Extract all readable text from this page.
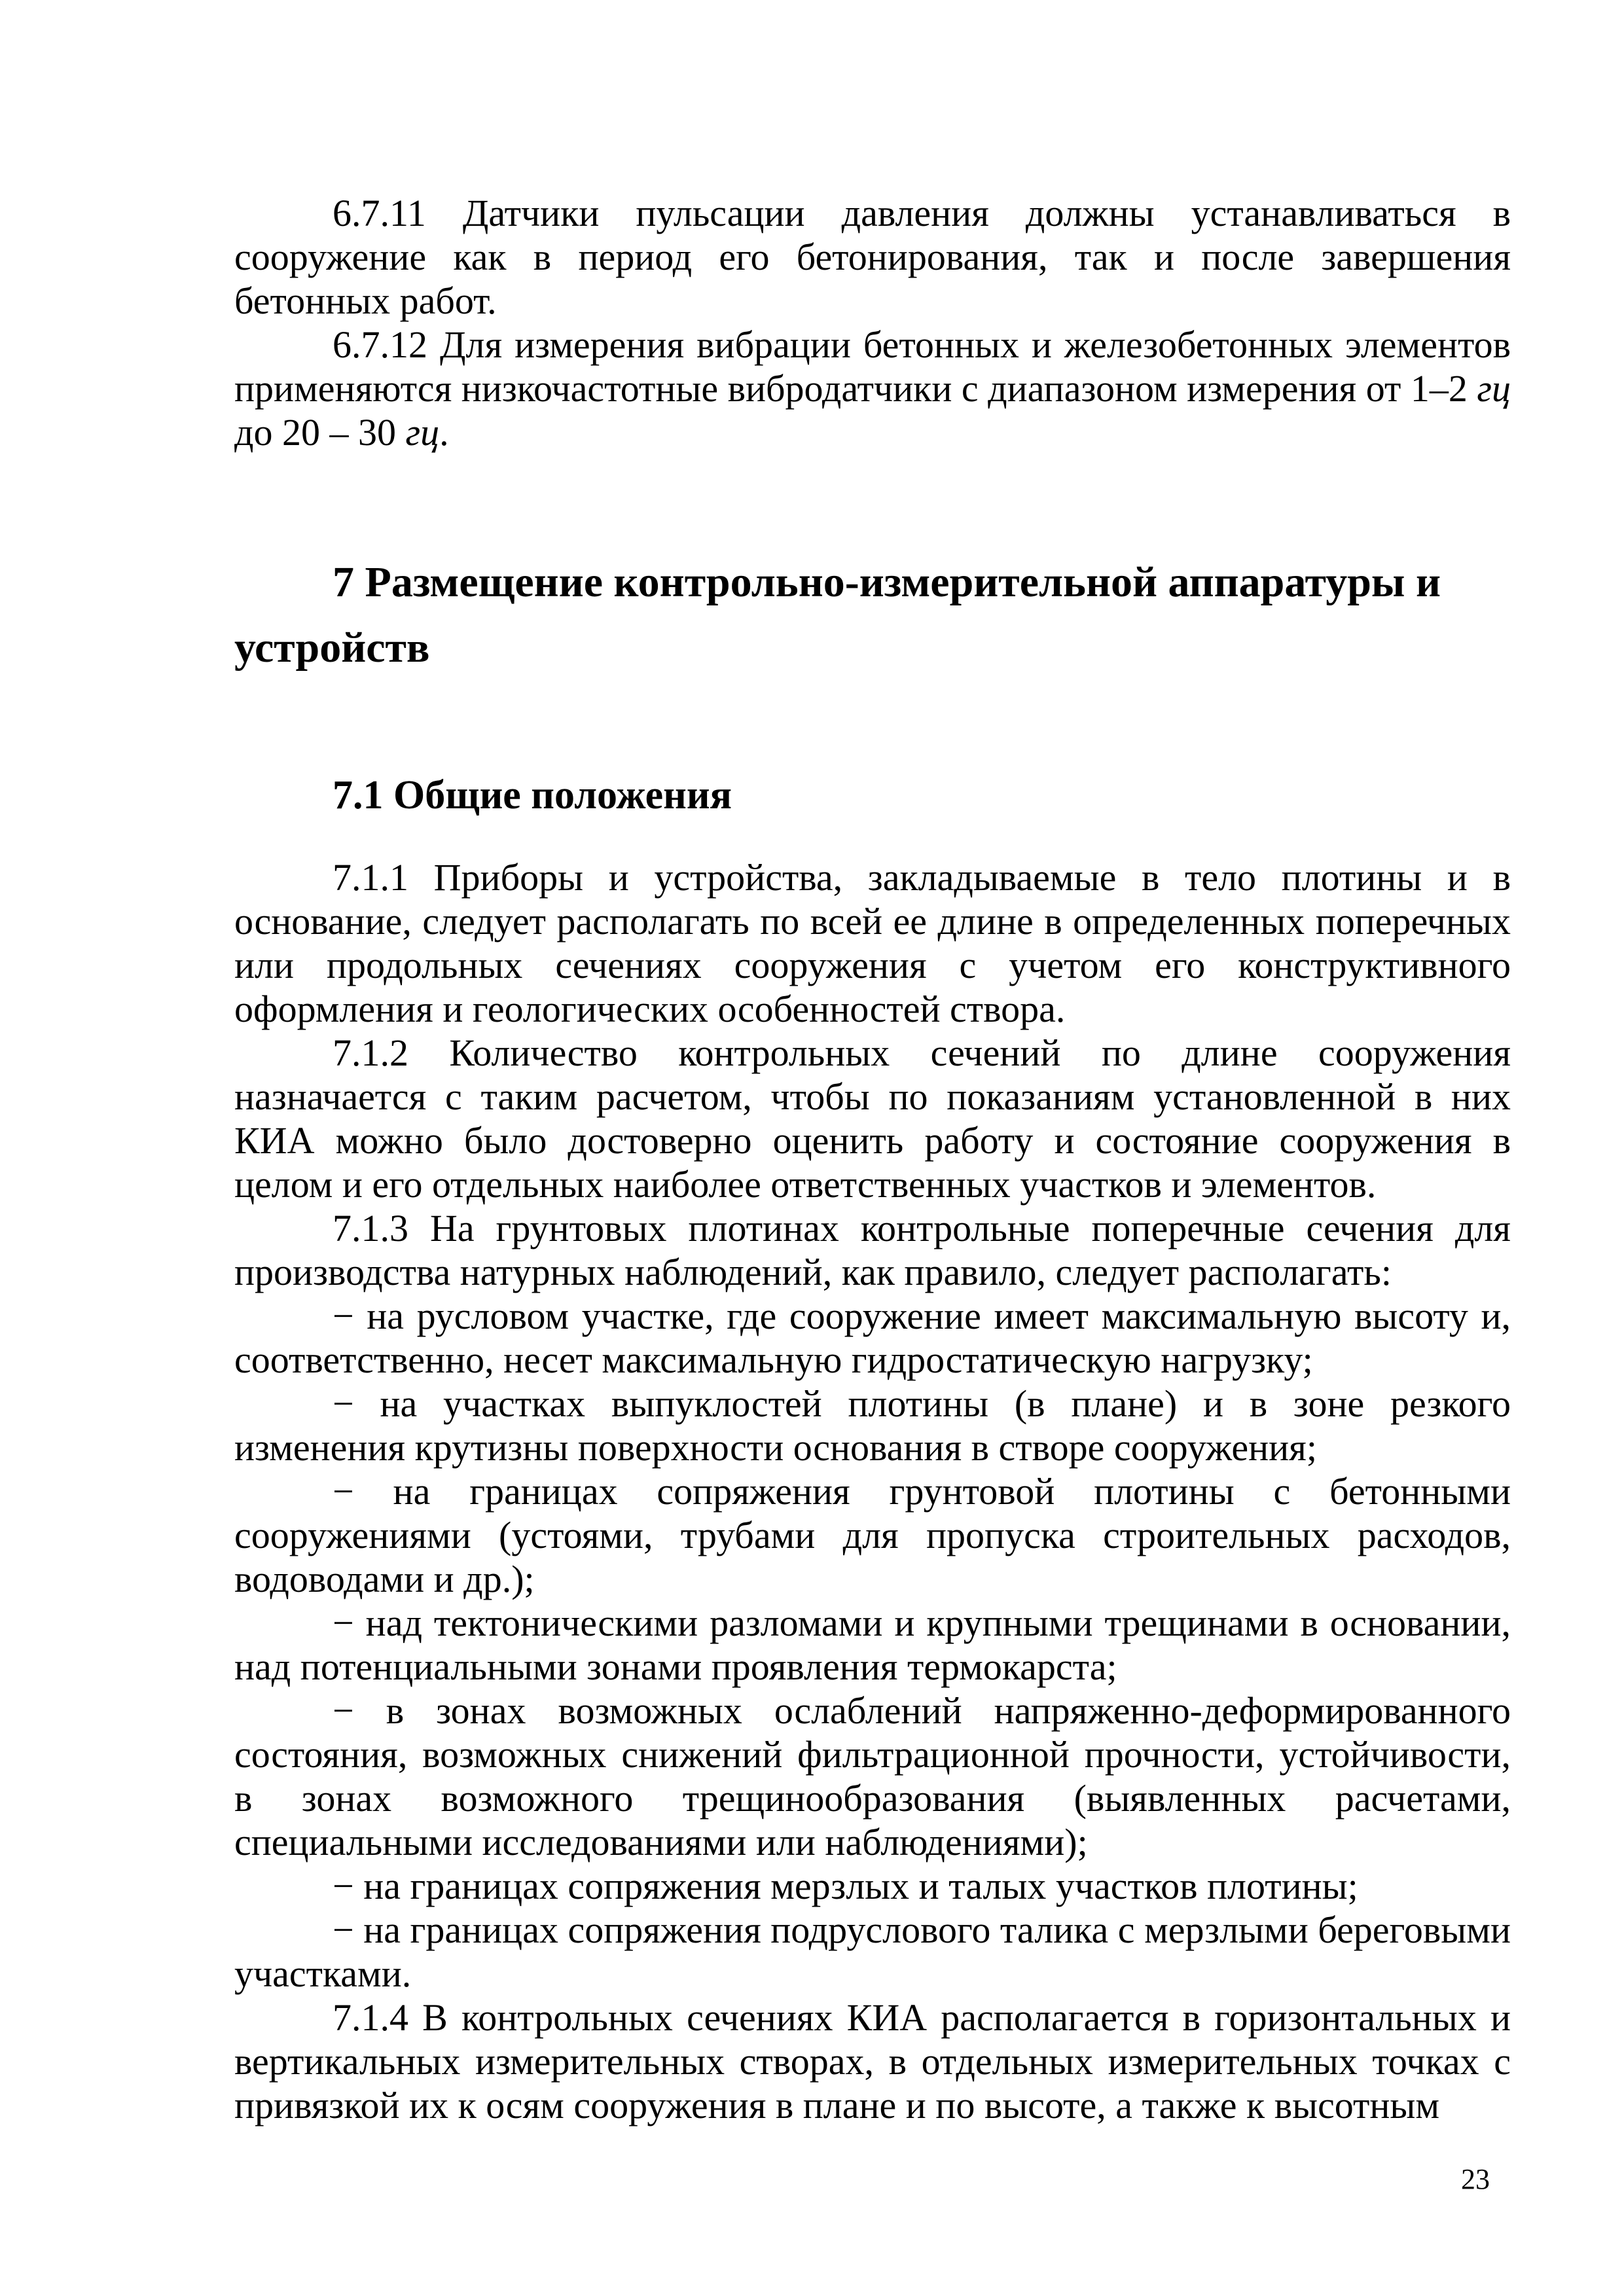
6.7.11 Датчики пульсации давления должны устанавливаться в сооружение как в период его бетонирования, так и после завершения бетонных работ.

6.7.12 Для измерения вибрации бетонных и железобетонных элементов применяются низкочастотные вибродатчики с диапазоном измерения от 1–2 гц до 20 – 30 гц.

7 Размещение контрольно-измерительной аппаратуры и устройств
7.1 Общие положения

7.1.1 Приборы и устройства, закладываемые в тело плотины и в основание, следует располагать по всей ее длине в определенных поперечных или продольных сечениях сооружения с учетом его конструктивного оформления и геологических особенностей створа.

7.1.2 Количество контрольных сечений по длине сооружения назначается с таким расчетом, чтобы по показаниям установленной в них КИА можно было достоверно оценить работу и состояние сооружения в целом и его отдельных наиболее ответственных участков и элементов.

7.1.3 На грунтовых плотинах контрольные поперечные сечения для производства натурных наблюдений, как правило, следует располагать:

− на русловом участке, где сооружение имеет максимальную высоту и, соответственно, несет максимальную гидростатическую нагрузку;

− на участках выпуклостей плотины (в плане) и в зоне резкого изменения крутизны поверхности основания в створе сооружения;

− на границах сопряжения грунтовой плотины с бетонными сооружениями (устоями, трубами для пропуска строительных расходов, водоводами и др.);

− над тектоническими разломами и крупными трещинами в основании, над потенциальными зонами проявления термокарста;

− в зонах возможных ослаблений напряженно-деформированного состояния, возможных снижений фильтрационной прочности, устойчивости, в зонах возможного трещинообразования (выявленных расчетами, специальными исследованиями или наблюдениями);

− на границах сопряжения мерзлых и талых участков плотины;

− на границах сопряжения подруслового талика с мерзлыми береговыми участками.

7.1.4 В контрольных сечениях КИА располагается в горизонтальных и вертикальных измерительных створах, в отдельных измерительных точках с привязкой их к осям сооружения в плане и по высоте, а также к высотным

23
